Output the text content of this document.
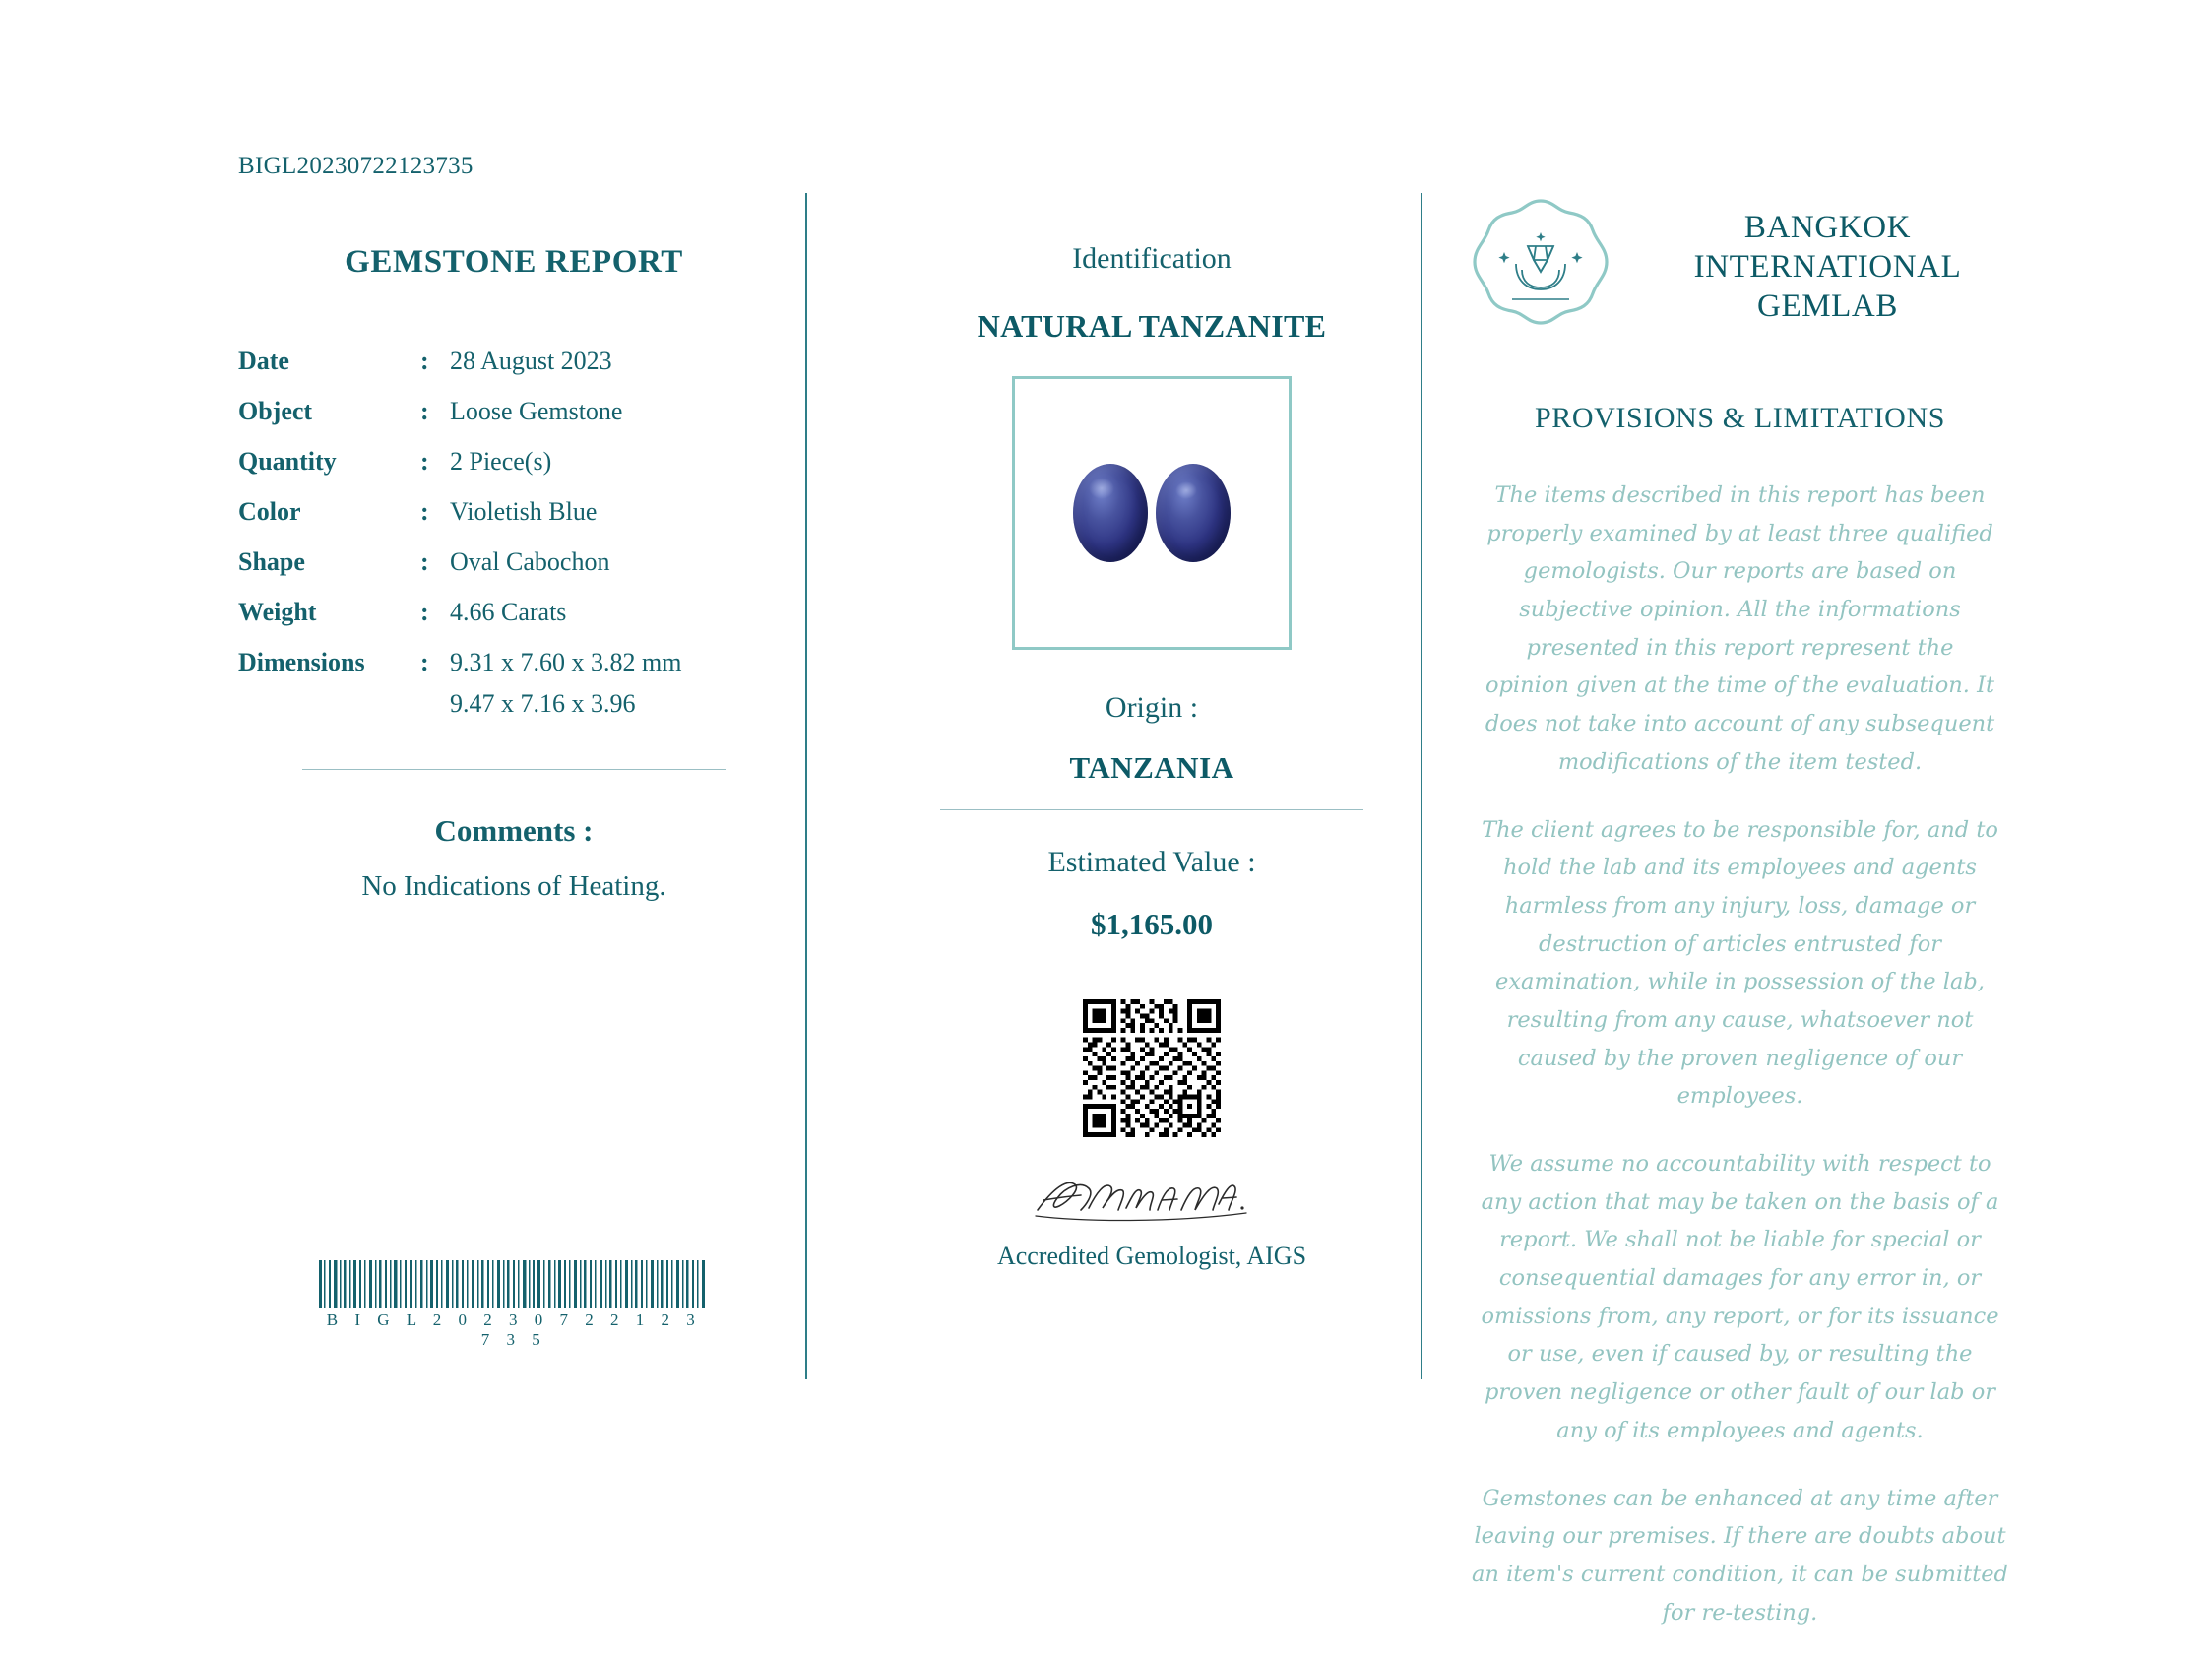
BIGL20230722123735
GEMSTONE REPORT
Date	:	28 August 2023
Object	:	Loose Gemstone
Quantity	:	2 Piece(s)
Color	:	Violetish Blue
Shape	:	Oval Cabochon
Weight	:	4.66 Carats
Dimensions	:	9.31 x 7.60 x 3.82 mm
		9.47 x 7.16 x 3.96
Comments :
No Indications of Heating.
B I G L 2 0 2 3 0 7 2 2 1 2 3 7 3 5
Identification
NATURAL TANZANITE
Origin :
TANZANIA
Estimated Value :
$1,165.00
Accredited Gemologist, AIGS
BANGKOK
INTERNATIONAL
GEMLAB
PROVISIONS & LIMITATIONS

The items described in this report has been properly examined by at least three qualified gemologists. Our reports are based on subjective opinion. All the informations presented in this report represent the opinion given at the time of the evaluation. It does not take into account of any subsequent modifications of the item tested.

The client agrees to be responsible for, and to hold the lab and its employees and agents harmless from any injury, loss, damage or destruction of articles entrusted for examination, while in possession of the lab, resulting from any cause, whatsoever not caused by the proven negligence of our employees.

We assume no accountability with respect to any action that may be taken on the basis of a report. We shall not be liable for special or consequential damages for any error in, or omissions from, any report, or for its issuance or use, even if caused by, or resulting the proven negligence or other fault of our lab or any of its employees and agents.

Gemstones can be enhanced at any time after leaving our premises. If there are doubts about an item's current condition, it can be submitted for re-testing.
